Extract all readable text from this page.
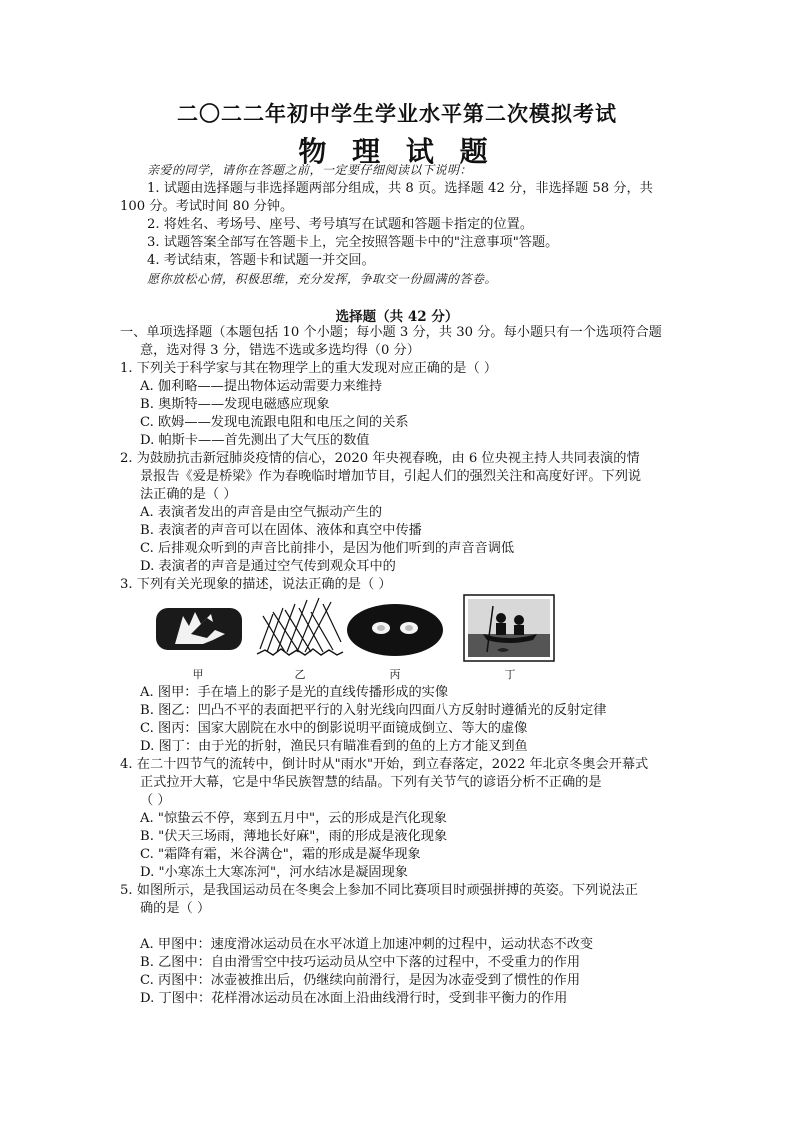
二〇二二年初中学生学业水平第二次模拟考试
物 理 试 题
亲爱的同学，请你在答题之前，一定要仔细阅读以下说明：
1. 试题由选择题与非选择题两部分组成，共 8 页。选择题 42 分，非选择题 58 分，共
100 分。考试时间 80 分钟。
2. 将姓名、考场号、座号、考号填写在试题和答题卡指定的位置。
3. 试题答案全部写在答题卡上，完全按照答题卡中的"注意事项"答题。
4. 考试结束，答题卡和试题一并交回。
愿你放松心情，积极思维，充分发挥，争取交一份圆满的答卷。
选择题（共 42 分）
一、单项选择题（本题包括 10 个小题；每小题 3 分，共 30 分。每小题只有一个选项符合题
意，选对得 3 分，错选不选或多选均得（0 分）
1. 下列关于科学家与其在物理学上的重大发现对应正确的是（ ）
A. 伽利略——提出物体运动需要力来维持
B. 奥斯特——发现电磁感应现象
C. 欧姆——发现电流跟电阻和电压之间的关系
D. 帕斯卡——首先测出了大气压的数值
2. 为鼓励抗击新冠肺炎疫情的信心，2020 年央视春晚，由 6 位央视主持人共同表演的情
景报告《爱是桥梁》作为春晚临时增加节目，引起人们的强烈关注和高度好评。下列说
法正确的是（ ）
A. 表演者发出的声音是由空气振动产生的
B. 表演者的声音可以在固体、液体和真空中传播
C. 后排观众听到的声音比前排小，是因为他们听到的声音音调低
D. 表演者的声音是通过空气传到观众耳中的
3. 下列有关光现象的描述，说法正确的是（ ）
甲	乙	丙	丁
A. 图甲：手在墙上的影子是光的直线传播形成的实像
B. 图乙：凹凸不平的表面把平行的入射光线向四面八方反射时遵循光的反射定律
C. 图丙：国家大剧院在水中的倒影说明平面镜成倒立、等大的虚像
D. 图丁：由于光的折射，渔民只有瞄准看到的鱼的上方才能叉到鱼
4. 在二十四节气的流转中，倒计时从"雨水"开始，到立春落定，2022 年北京冬奥会开幕式
正式拉开大幕，它是中华民族智慧的结晶。下列有关节气的谚语分析不正确的是
（ ）
A. "惊蛰云不停，寒到五月中"，云的形成是汽化现象
B. "伏天三场雨，薄地长好麻"，雨的形成是液化现象
C. "霜降有霜，米谷满仓"，霜的形成是凝华现象
D. "小寒冻土大寒冻河"，河水结冰是凝固现象
5. 如图所示，是我国运动员在冬奥会上参加不同比赛项目时顽强拼搏的英姿。下列说法正
确的是（ ）
A. 甲图中：速度滑冰运动员在水平冰道上加速冲刺的过程中，运动状态不改变
B. 乙图中：自由滑雪空中技巧运动员从空中下落的过程中，不受重力的作用
C. 丙图中：冰壶被推出后，仍继续向前滑行，是因为冰壶受到了惯性的作用
D. 丁图中：花样滑冰运动员在冰面上沿曲线滑行时，受到非平衡力的作用
